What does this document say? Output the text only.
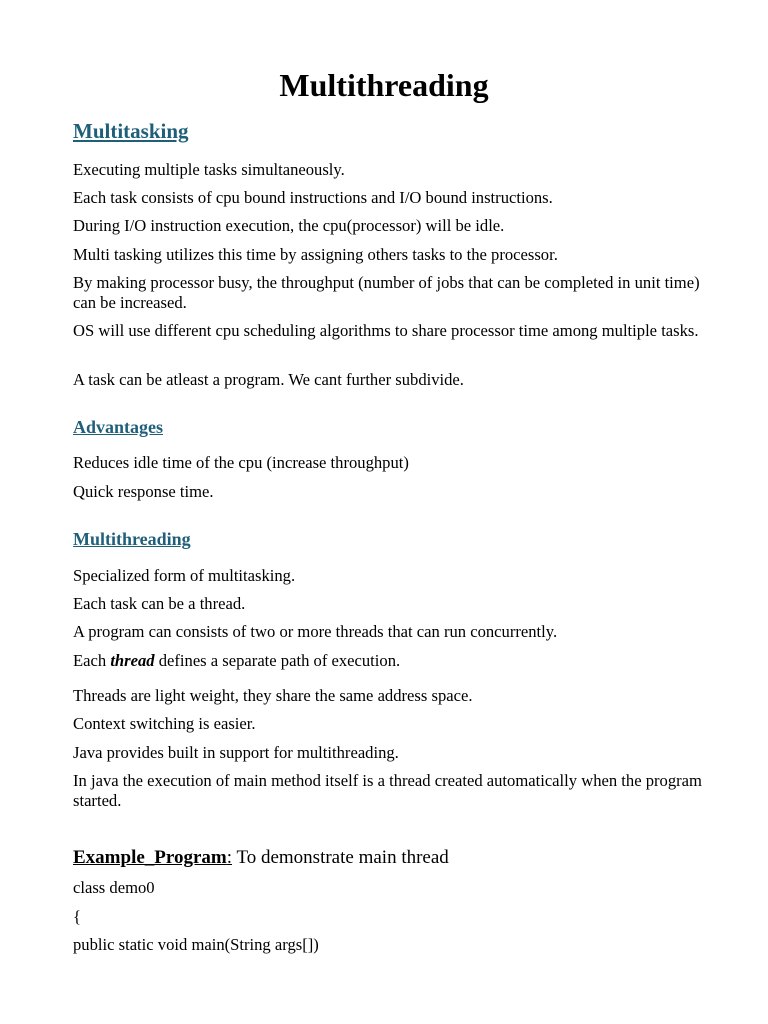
Multithreading
Multitasking

Executing multiple tasks simultaneously.

Each task consists of cpu bound instructions and I/O bound instructions.

During I/O instruction execution, the cpu(processor) will be idle.

Multi tasking utilizes this time by assigning others tasks to the processor.

By making processor busy, the throughput (number of jobs that can be completed in unit time) can be increased.

OS will use different cpu scheduling algorithms to share processor time among multiple tasks.

A task can be atleast a program. We cant further subdivide.

Advantages

Reduces idle time of the cpu (increase throughput)

Quick response time.

Multithreading

Specialized form of multitasking.

Each task can be a thread.

A program can consists of two or more threads that can run concurrently.

Each thread defines a separate path of execution.

Threads are light weight, they share the same address space.

Context switching is easier.

Java provides built in support for multithreading.

In java the execution of main method itself is a thread created automatically when the program started.

Example_Program: To demonstrate main thread

class demo0

{

public static void main(String args[])
